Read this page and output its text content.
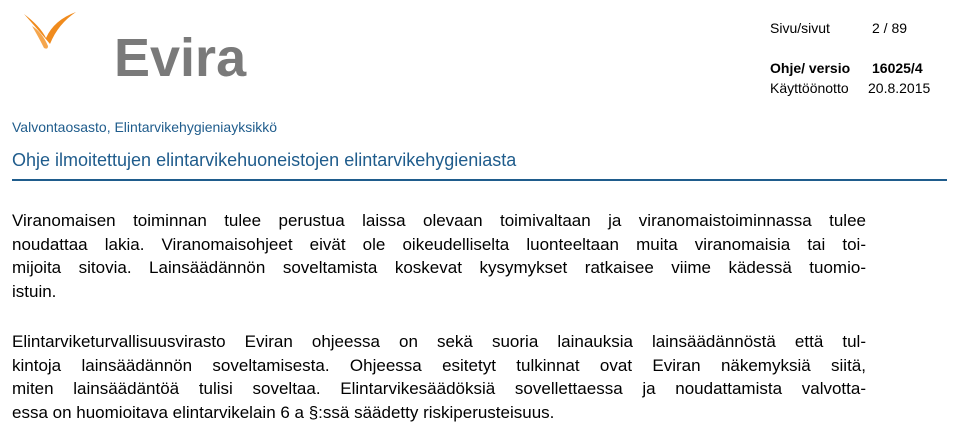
Evira	Sivu/sivut	2 / 89
Ohje/ versio 16025/4
Käyttöönotto 20.8.2015
Valvontaosasto, Elintarvikehygieniayksikkö
Ohje ilmoitettujen elintarvikehuoneistojen elintarvikehygieniasta
Viranomaisen toiminnan tulee perustua laissa olevaan toimivaltaan ja viranomaistoiminnassa tulee
noudattaa lakia. Viranomaisohjeet eivät ole oikeudelliselta luonteeltaan muita viranomaisia tai toi-
mijoita sitovia. Lainsäädännön soveltamista koskevat kysymykset ratkaisee viime kädessä tuomio-
istuin.
Elintarviketurvallisuusvirasto Eviran ohjeessa on sekä suoria lainauksia lainsäädännöstä että tul-
kintoja lainsäädännön soveltamisesta. Ohjeessa esitetyt tulkinnat ovat Eviran näkemyksiä siitä,
miten lainsäädäntöä tulisi soveltaa. Elintarvikesäädöksiä sovellettaessa ja noudattamista valvotta-
essa on huomioitava elintarvikelain 6 a §:ssä säädetty riskiperusteisuus.
